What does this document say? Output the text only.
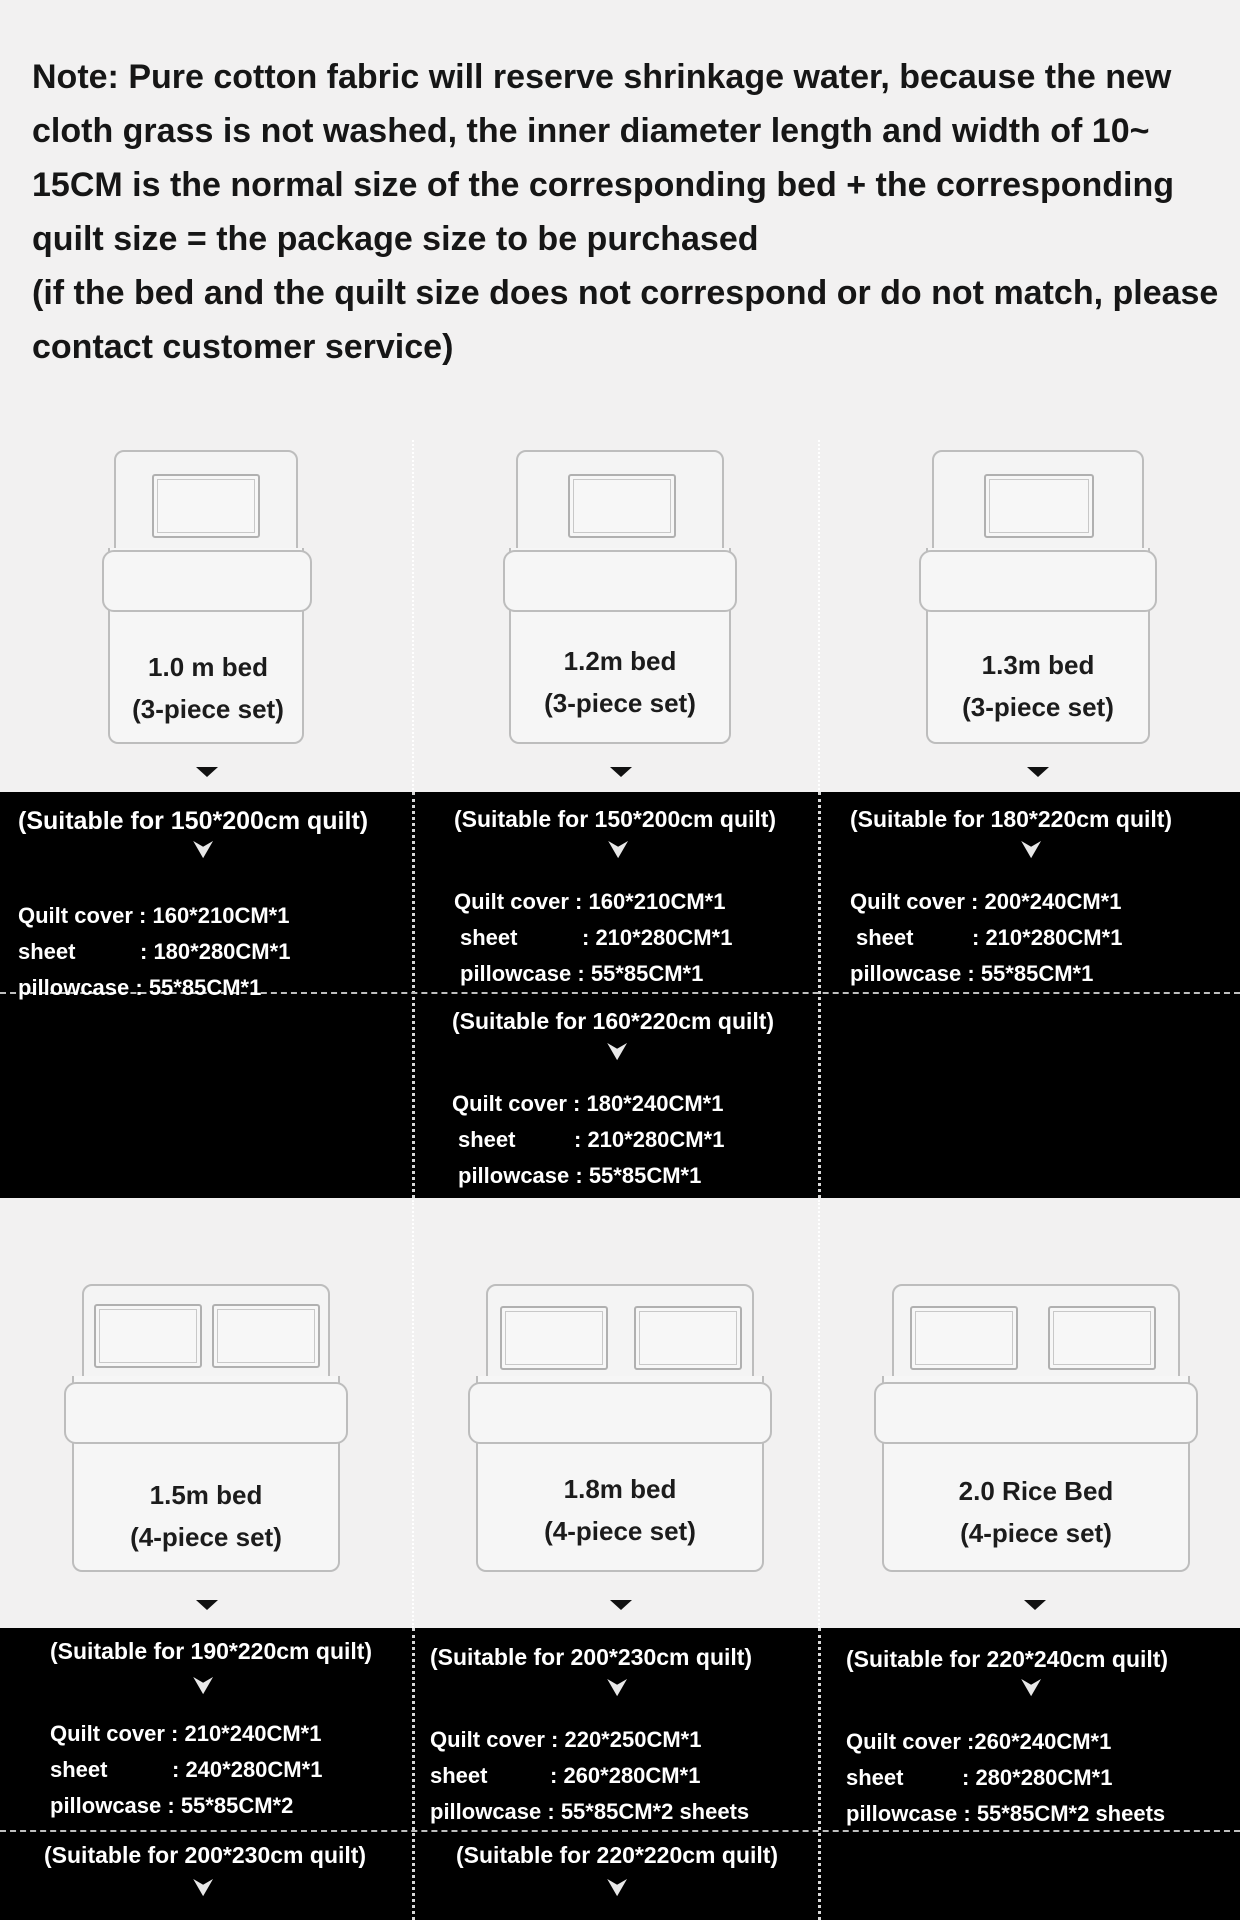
Note: Pure cotton fabric will reserve shrinkage water, because the new
cloth grass is not washed, the inner diameter length and width of 10~
15CM is the normal size of the corresponding bed + the corresponding
quilt size = the package size to be purchased
(if the bed and the quilt size does not correspond or do not match, please
contact customer service)
1.0 m bed
(3-piece set)
1.2m bed
(3-piece set)
1.3m bed
(3-piece set)
(Suitable for 150*200cm quilt)
⮟
Quilt cover : 160*210CM*1
sheet	: 180*280CM*1
pillowcase : 55*85CM*1
(Suitable for 150*200cm quilt)
⮟
Quilt cover : 160*210CM*1
sheet	: 210*280CM*1
pillowcase : 55*85CM*1
(Suitable for 180*220cm quilt)
⮟
Quilt cover : 200*240CM*1
sheet	: 210*280CM*1
pillowcase : 55*85CM*1
(Suitable for 160*220cm quilt)
⮟
Quilt cover : 180*240CM*1
sheet	: 210*280CM*1
pillowcase : 55*85CM*1
1.5m bed
(4-piece set)
1.8m bed
(4-piece set)
2.0 Rice Bed
(4-piece set)
(Suitable for 190*220cm quilt)
⮟
Quilt cover : 210*240CM*1
sheet	: 240*280CM*1
pillowcase : 55*85CM*2
(Suitable for 200*230cm quilt)
⮟
Quilt cover : 220*250CM*1
sheet	: 260*280CM*1
pillowcase : 55*85CM*2 sheets
(Suitable for 220*240cm quilt)
⮟
Quilt cover :260*240CM*1
sheet	: 280*280CM*1
pillowcase : 55*85CM*2 sheets
(Suitable for 200*230cm quilt)
⮟
(Suitable for 220*220cm quilt)
⮟
